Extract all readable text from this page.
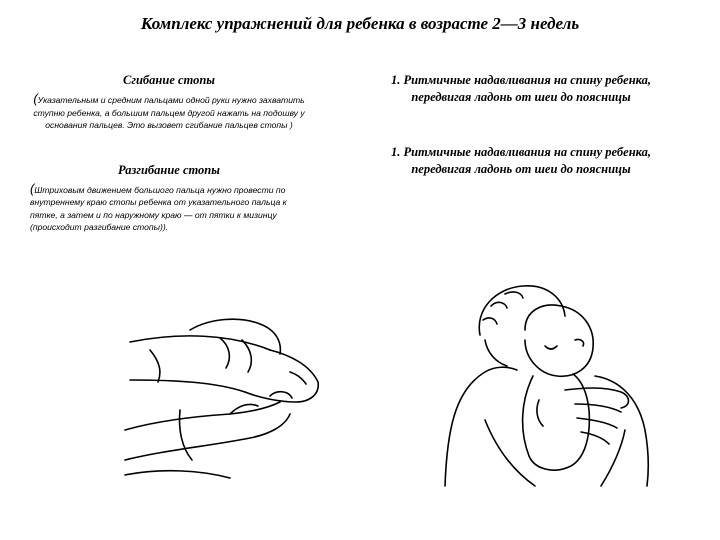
Комплекс упражнений для ребенка в возрасте 2—3 недель
Сгибание стопы
(Указательным и средним пальцами одной руки нужно захватить ступню ребенка, а большим пальцем другой нажать на подошву у основания пальцев. Это вызовет сгибание пальцев стопы )
Разгибание стопы
(Штриховым движением большого пальца нужно провести по внутреннему краю стопы ребенка от указательного пальца к пятке, а затем и по наружному краю — от пятки к мизинцу (происходит разгибание стопы)).
1. Ритмичные надавливания на спину ребенка, передвигая ладонь от шеи до поясницы
1. Ритмичные надавливания на спину ребенка, передвигая ладонь от шеи до поясницы
